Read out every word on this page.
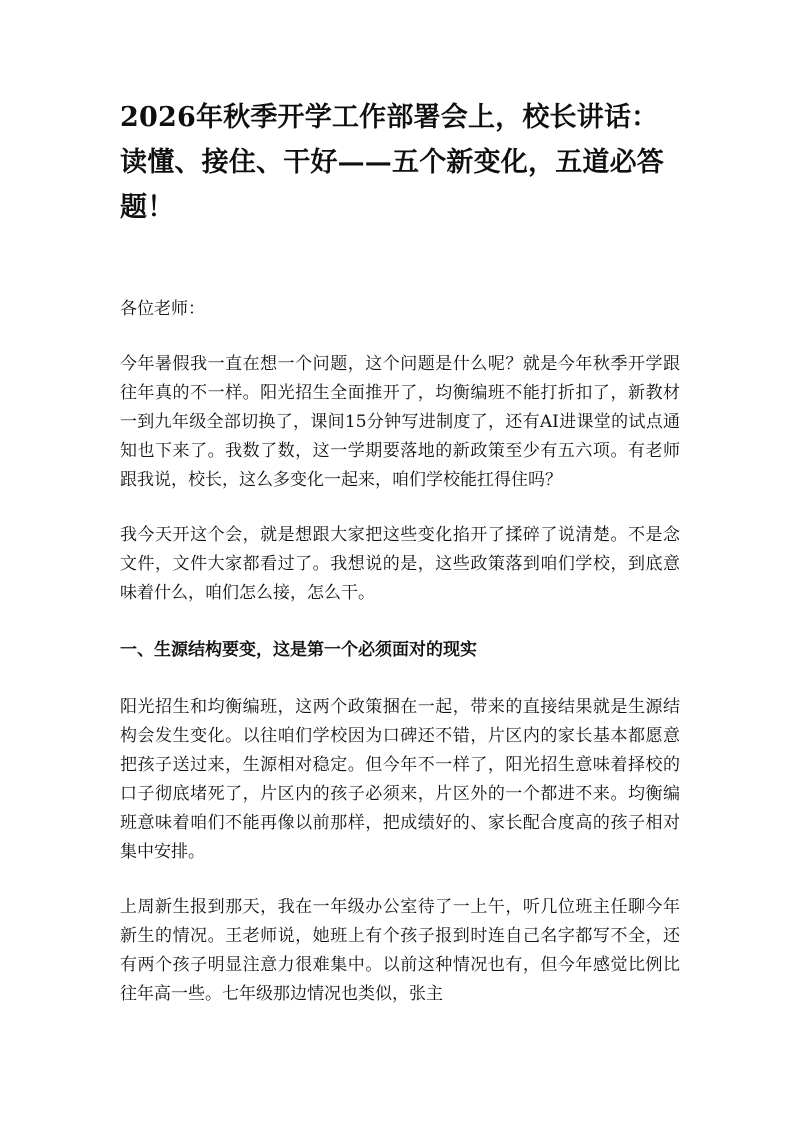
2026年秋季开学工作部署会上，校长讲话：读懂、接住、干好——五个新变化，五道必答题！

各位老师：

今年暑假我一直在想一个问题，这个问题是什么呢？就是今年秋季开学跟往年真的不一样。阳光招生全面推开了，均衡编班不能打折扣了，新教材一到九年级全部切换了，课间15分钟写进制度了，还有AI进课堂的试点通知也下来了。我数了数，这一学期要落地的新政策至少有五六项。有老师跟我说，校长，这么多变化一起来，咱们学校能扛得住吗？

我今天开这个会，就是想跟大家把这些变化掐开了揉碎了说清楚。不是念文件，文件大家都看过了。我想说的是，这些政策落到咱们学校，到底意味着什么，咱们怎么接，怎么干。

一、生源结构要变，这是第一个必须面对的现实

阳光招生和均衡编班，这两个政策捆在一起，带来的直接结果就是生源结构会发生变化。以往咱们学校因为口碑还不错，片区内的家长基本都愿意把孩子送过来，生源相对稳定。但今年不一样了，阳光招生意味着择校的口子彻底堵死了，片区内的孩子必须来，片区外的一个都进不来。均衡编班意味着咱们不能再像以前那样，把成绩好的、家长配合度高的孩子相对集中安排。

上周新生报到那天，我在一年级办公室待了一上午，听几位班主任聊今年新生的情况。王老师说，她班上有个孩子报到时连自己名字都写不全，还有两个孩子明显注意力很难集中。以前这种情况也有，但今年感觉比例比往年高一些。七年级那边情况也类似，张主
